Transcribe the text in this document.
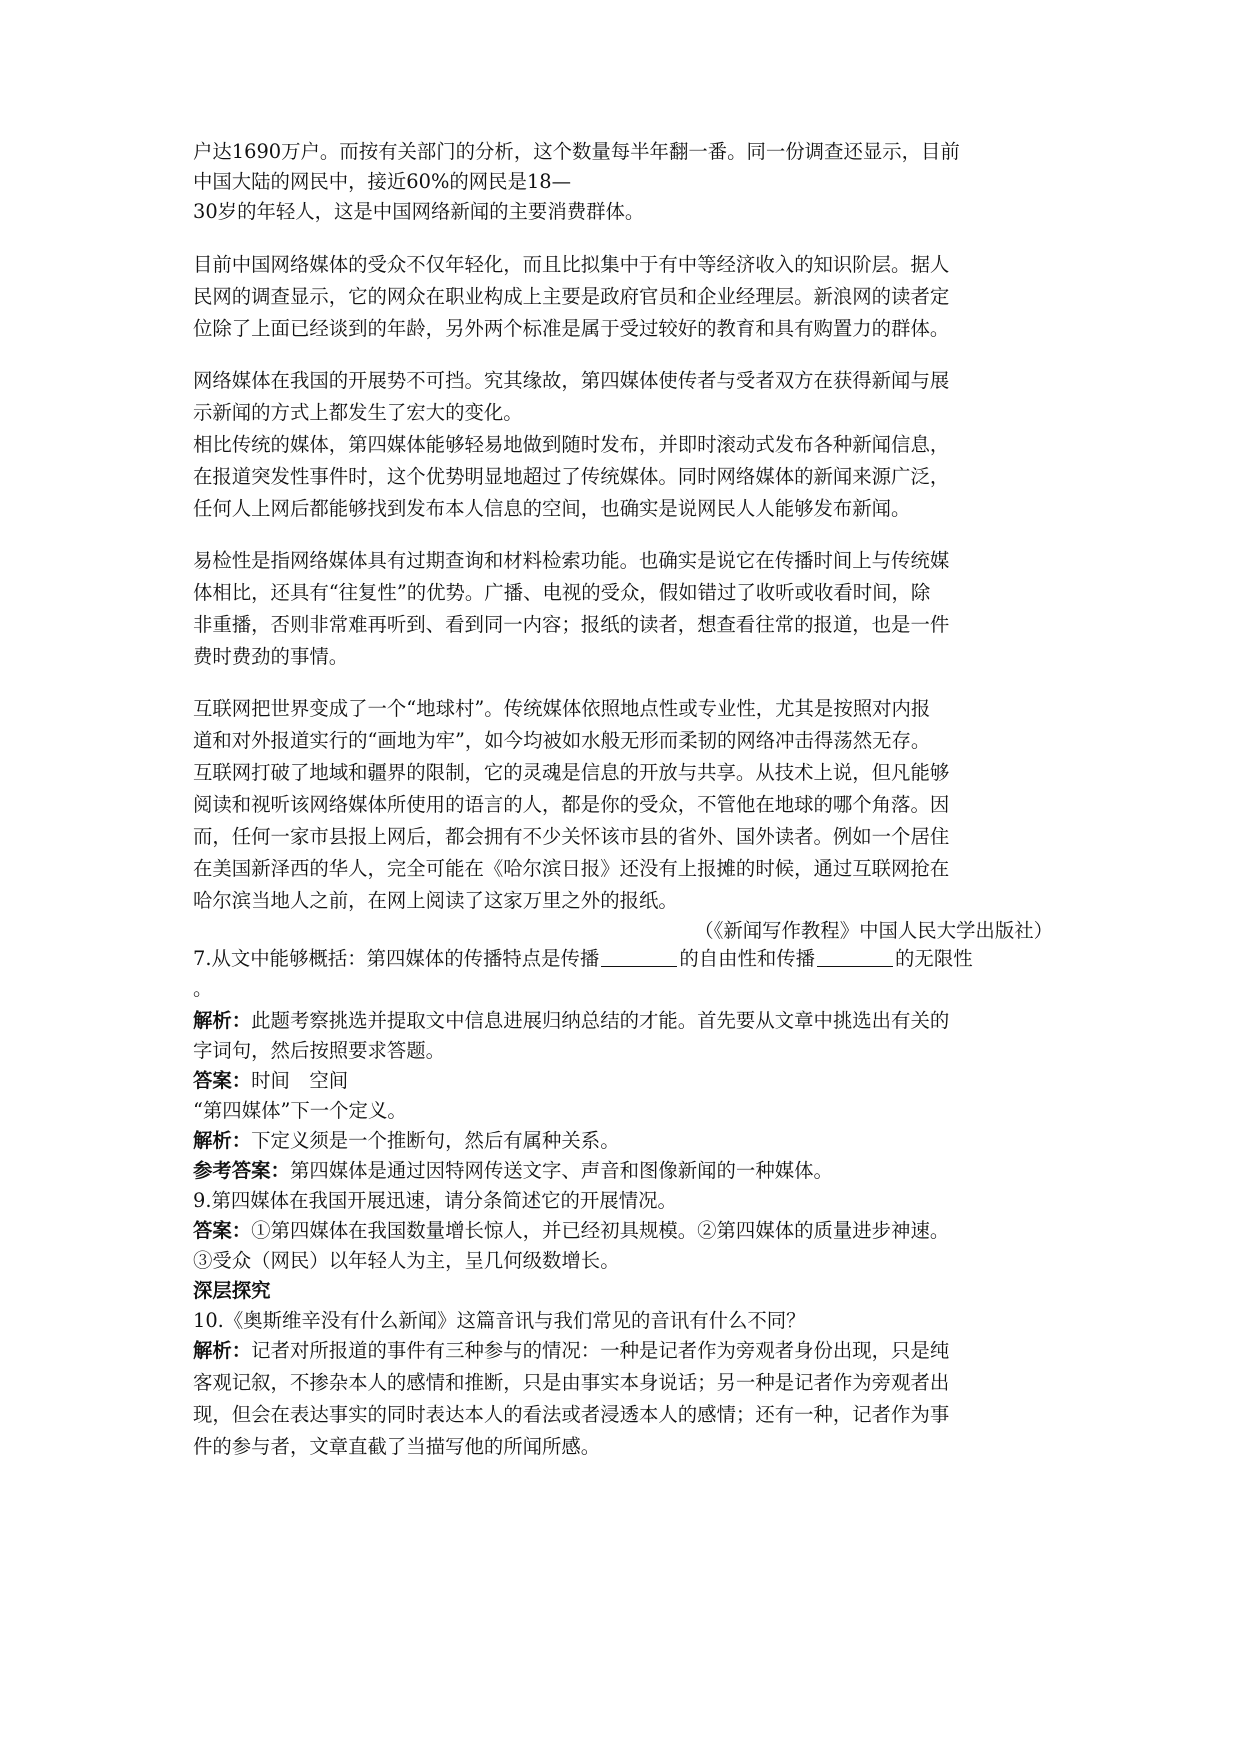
户达1690万户。而按有关部门的分析，这个数量每半年翻一番。同一份调查还显示，目前
中国大陆的网民中，接近60%的网民是18—
30岁的年轻人，这是中国网络新闻的主要消费群体。
目前中国网络媒体的受众不仅年轻化，而且比拟集中于有中等经济收入的知识阶层。据人
民网的调查显示，它的网众在职业构成上主要是政府官员和企业经理层。新浪网的读者定
位除了上面已经谈到的年龄，另外两个标准是属于受过较好的教育和具有购置力的群体。
网络媒体在我国的开展势不可挡。究其缘故，第四媒体使传者与受者双方在获得新闻与展
示新闻的方式上都发生了宏大的变化。
相比传统的媒体，第四媒体能够轻易地做到随时发布，并即时滚动式发布各种新闻信息，
在报道突发性事件时，这个优势明显地超过了传统媒体。同时网络媒体的新闻来源广泛，
任何人上网后都能够找到发布本人信息的空间，也确实是说网民人人能够发布新闻。
易检性是指网络媒体具有过期查询和材料检索功能。也确实是说它在传播时间上与传统媒
体相比，还具有“往复性”的优势。广播、电视的受众，假如错过了收听或收看时间，除
非重播，否则非常难再听到、看到同一内容；报纸的读者，想查看往常的报道，也是一件
费时费劲的事情。
互联网把世界变成了一个“地球村”。传统媒体依照地点性或专业性，尤其是按照对内报
道和对外报道实行的“画地为牢”，如今均被如水般无形而柔韧的网络冲击得荡然无存。
互联网打破了地域和疆界的限制，它的灵魂是信息的开放与共享。从技术上说，但凡能够
阅读和视听该网络媒体所使用的语言的人，都是你的受众，不管他在地球的哪个角落。因
而，任何一家市县报上网后，都会拥有不少关怀该市县的省外、国外读者。例如一个居住
在美国新泽西的华人，完全可能在《哈尔滨日报》还没有上报摊的时候，通过互联网抢在
哈尔滨当地人之前，在网上阅读了这家万里之外的报纸。
（《新闻写作教程》中国人民大学出版社）
7.从文中能够概括：第四媒体的传播特点是传播	的自由性和传播	的无限性
。
解析：此题考察挑选并提取文中信息进展归纳总结的才能。首先要从文章中挑选出有关的
字词句，然后按照要求答题。
答案：时间　空间
“第四媒体”下一个定义。
解析：下定义须是一个推断句，然后有属种关系。
参考答案：第四媒体是通过因特网传送文字、声音和图像新闻的一种媒体。
9.第四媒体在我国开展迅速，请分条简述它的开展情况。
答案：①第四媒体在我国数量增长惊人，并已经初具规模。②第四媒体的质量进步神速。
③受众（网民）以年轻人为主，呈几何级数增长。
深层探究
10.《奥斯维辛没有什么新闻》这篇音讯与我们常见的音讯有什么不同？
解析：记者对所报道的事件有三种参与的情况：一种是记者作为旁观者身份出现，只是纯
客观记叙，不掺杂本人的感情和推断，只是由事实本身说话；另一种是记者作为旁观者出
现，但会在表达事实的同时表达本人的看法或者浸透本人的感情；还有一种，记者作为事
件的参与者，文章直截了当描写他的所闻所感。
